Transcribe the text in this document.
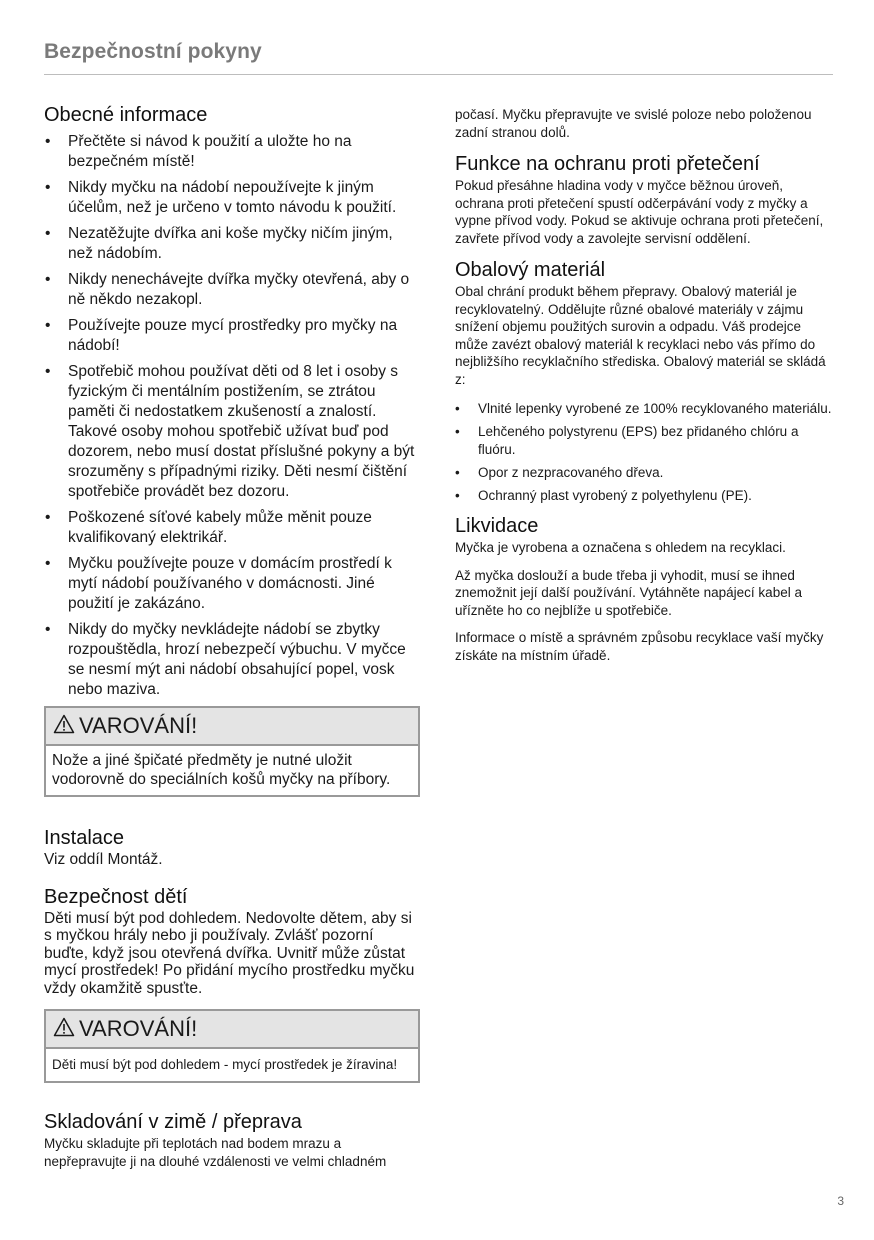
Bezpečnostní pokyny
Obecné informace
• Přečtěte si návod k použití a uložte ho na bezpečném místě!
• Nikdy myčku na nádobí nepoužívejte k jiným účelům, než je určeno v tomto návodu k použití.
• Nezatěžujte dvířka ani koše myčky ničím jiným, než nádobím.
• Nikdy nenechávejte dvířka myčky otevřená, aby o ně někdo nezakopl.
• Používejte pouze mycí prostředky pro myčky na nádobí!
• Spotřebič mohou používat děti od 8 let i osoby s fyzickým či mentálním postižením, se ztrátou paměti či nedostatkem zkušeností a znalostí. Takové osoby mohou spotřebič užívat buď pod dozorem, nebo musí dostat příslušné pokyny a být srozuměny s případnými riziky. Děti nesmí čištění spotřebiče provádět bez dozoru.
• Poškozené síťové kabely může měnit pouze kvalifikovaný elektrikář.
• Myčku používejte pouze v domácím prostředí k mytí nádobí používaného v domácnosti. Jiné použití je zakázáno.
• Nikdy do myčky nevkládejte nádobí se zbytky rozpouštědla, hrozí nebezpečí výbuchu. V myčce se nesmí mýt ani nádobí obsahující popel, vosk nebo maziva.
VAROVÁNÍ!
Nože a jiné špičaté předměty je nutné uložit vodorovně do speciálních košů myčky na příbory.
Instalace

Viz oddíl Montáž.

Bezpečnost dětí

Děti musí být pod dohledem. Nedovolte dětem, aby si s myčkou hrály nebo ji používaly. Zvlášť pozorní buďte, když jsou otevřená dvířka. Uvnitř může zůstat mycí prostředek! Po přidání mycího prostředku myčku vždy okamžitě spusťte.

VAROVÁNÍ!
Děti musí být pod dohledem - mycí prostředek je žíravina!
Skladování v zimě / přeprava

Myčku skladujte při teplotách nad bodem mrazu a nepřepravujte ji na dlouhé vzdálenosti ve velmi chladném

počasí. Myčku přepravujte ve svislé poloze nebo položenou zadní stranou dolů.

Funkce na ochranu proti přetečení

Pokud přesáhne hladina vody v myčce běžnou úroveň, ochrana proti přetečení spustí odčerpávání vody z myčky a vypne přívod vody. Pokud se aktivuje ochrana proti přetečení, zavřete přívod vody a zavolejte servisní oddělení.

Obalový materiál

Obal chrání produkt během přepravy. Obalový materiál je recyklovatelný. Oddělujte různé obalové materiály v zájmu snížení objemu použitých surovin a odpadu. Váš prodejce může zavézt obalový materiál k recyklaci nebo vás přímo do nejbližšího recyklačního střediska. Obalový materiál se skládá z:

• Vlnité lepenky vyrobené ze 100% recyklovaného materiálu.
• Lehčeného polystyrenu (EPS) bez přidaného chlóru a fluóru.
• Opor z nezpracovaného dřeva.
• Ochranný plast vyrobený z polyethylenu (PE).
Likvidace

Myčka je vyrobena a označena s ohledem na recyklaci.

Až myčka doslouží a bude třeba ji vyhodit, musí se ihned znemožnit její další používání. Vytáhněte napájecí kabel a uřízněte ho co nejblíže u spotřebiče.

Informace o místě a správném způsobu recyklace vaší myčky získáte na místním úřadě.

3
